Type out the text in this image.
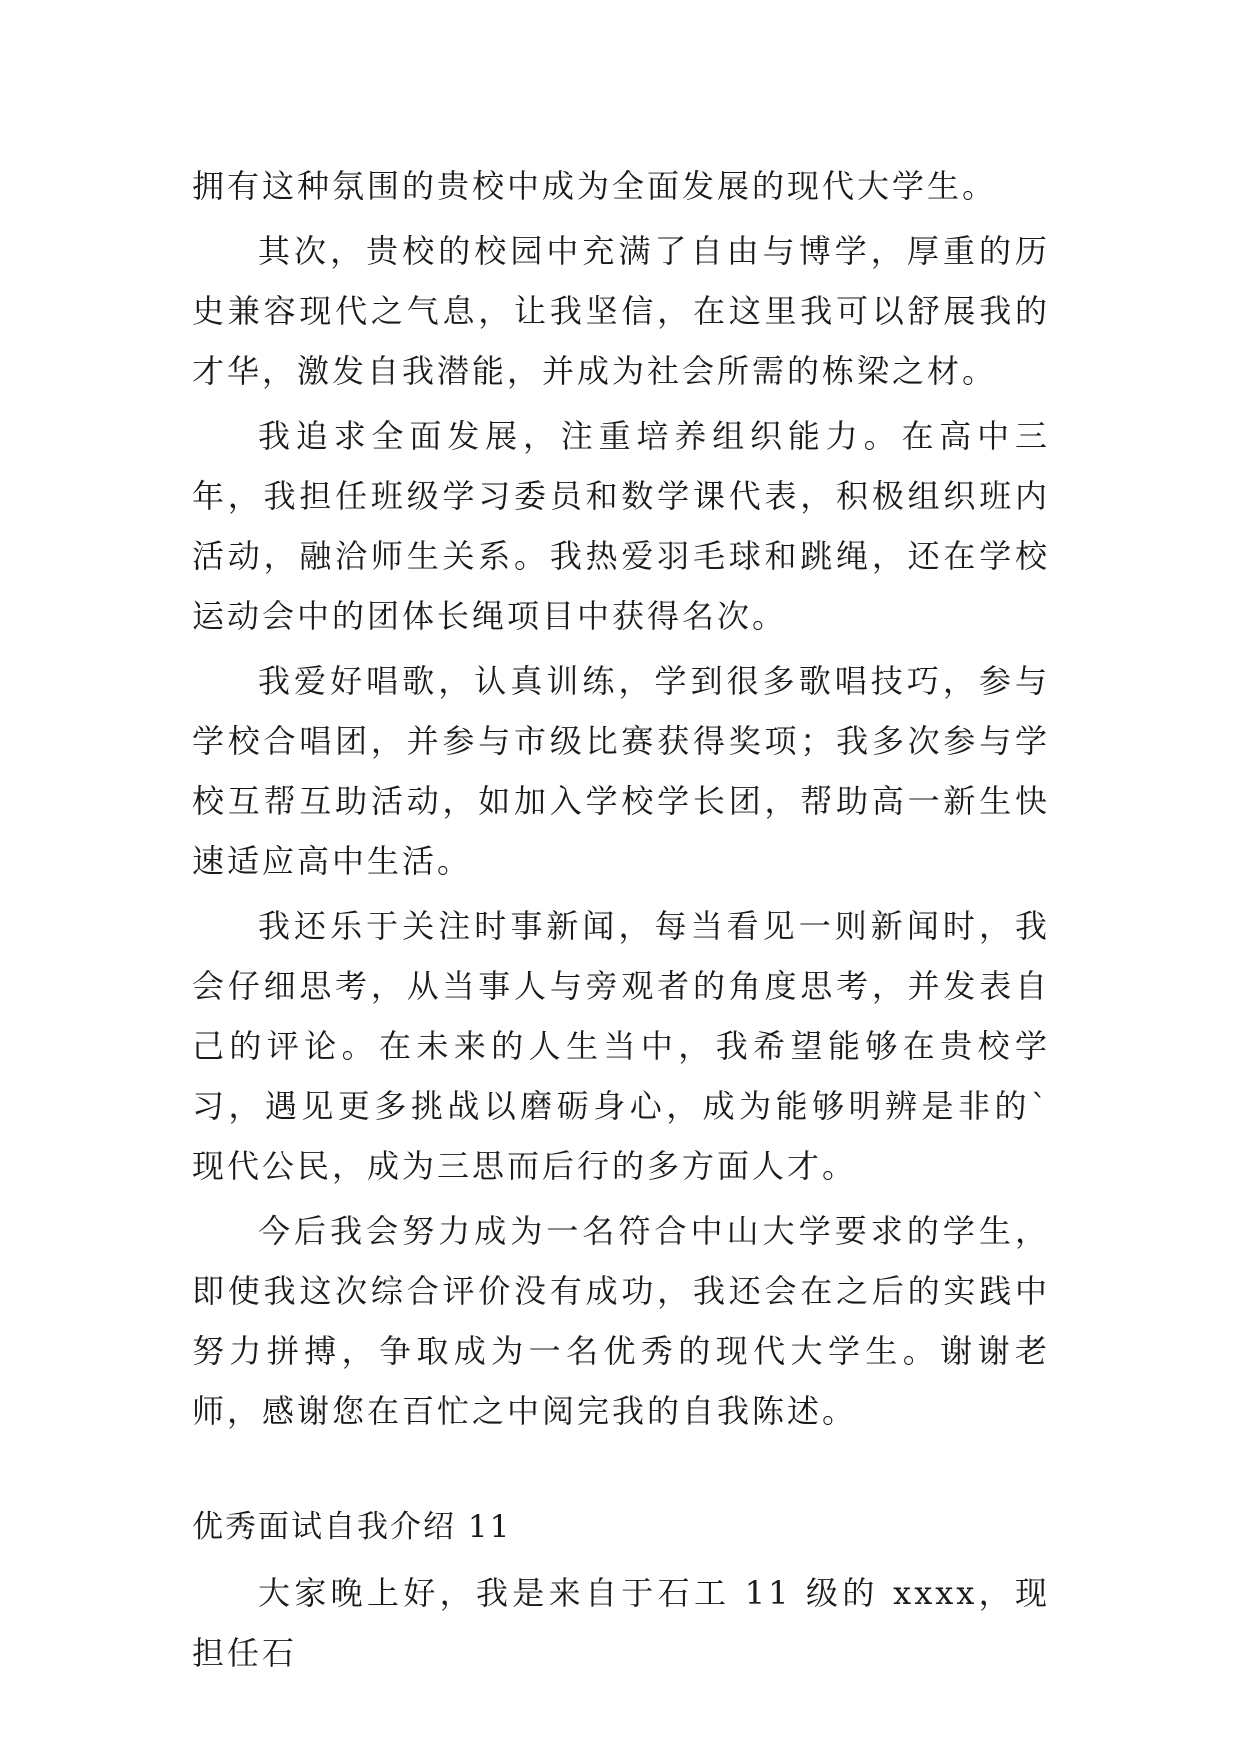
拥有这种氛围的贵校中成为全面发展的现代大学生。

其次，贵校的校园中充满了自由与博学，厚重的历史兼容现代之气息，让我坚信，在这里我可以舒展我的才华，激发自我潜能，并成为社会所需的栋梁之材。

我追求全面发展，注重培养组织能力。在高中三年，我担任班级学习委员和数学课代表，积极组织班内活动，融洽师生关系。我热爱羽毛球和跳绳，还在学校运动会中的团体长绳项目中获得名次。

我爱好唱歌，认真训练，学到很多歌唱技巧，参与学校合唱团，并参与市级比赛获得奖项；我多次参与学校互帮互助活动，如加入学校学长团，帮助高一新生快速适应高中生活。

我还乐于关注时事新闻，每当看见一则新闻时，我会仔细思考，从当事人与旁观者的角度思考，并发表自己的评论。在未来的人生当中，我希望能够在贵校学习，遇见更多挑战以磨砺身心，成为能够明辨是非的`现代公民，成为三思而后行的多方面人才。

今后我会努力成为一名符合中山大学要求的学生，即使我这次综合评价没有成功，我还会在之后的实践中努力拼搏，争取成为一名优秀的现代大学生。谢谢老师，感谢您在百忙之中阅完我的自我陈述。

优秀面试自我介绍 11

大家晚上好，我是来自于石工 11 级的 xxxx，现担任石
